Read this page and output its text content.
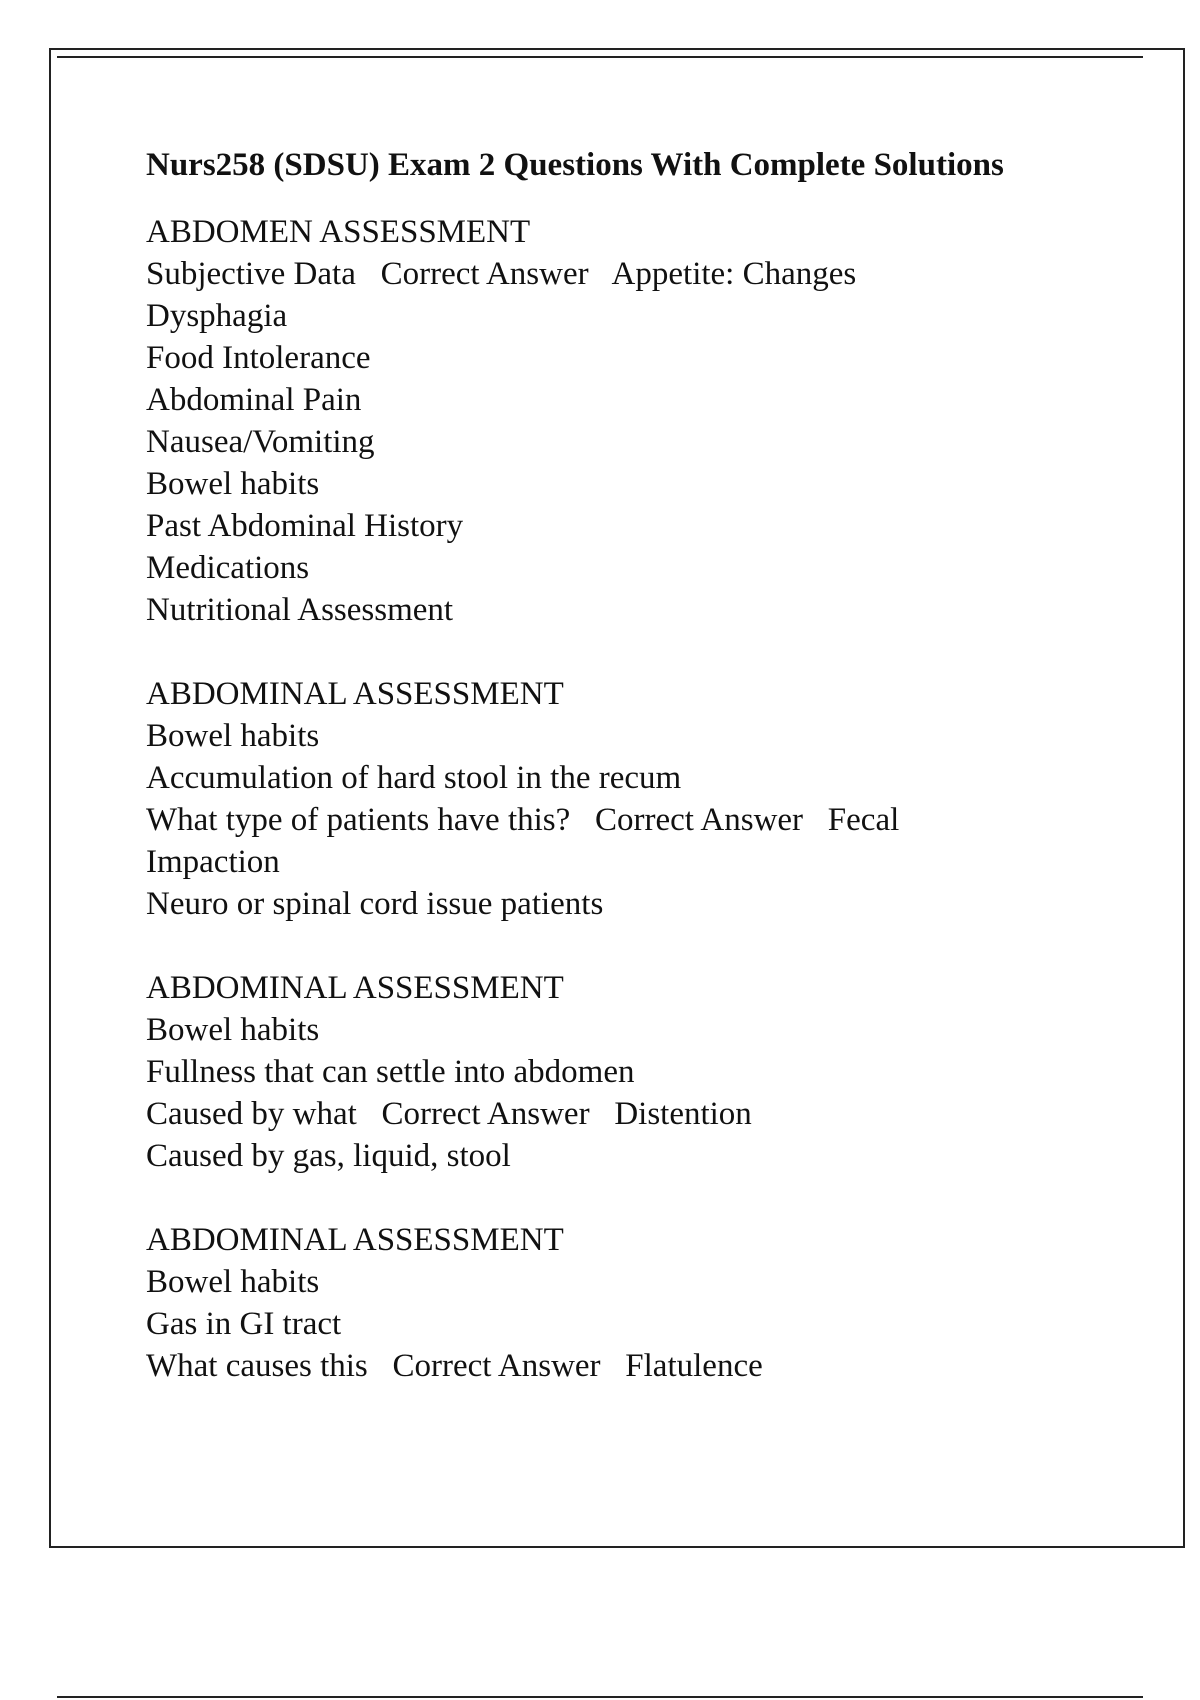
Nurs258 (SDSU) Exam 2 Questions With Complete Solutions
ABDOMEN ASSESSMENT
Subjective Data   Correct Answer   Appetite: Changes
Dysphagia
Food Intolerance
Abdominal Pain
Nausea/Vomiting
Bowel habits
Past Abdominal History
Medications
Nutritional Assessment
ABDOMINAL ASSESSMENT
Bowel habits
Accumulation of hard stool in the recum
What type of patients have this?   Correct Answer   Fecal Impaction
Neuro or spinal cord issue patients
ABDOMINAL ASSESSMENT
Bowel habits
Fullness that can settle into abdomen
Caused by what   Correct Answer   Distention
Caused by gas, liquid, stool
ABDOMINAL ASSESSMENT
Bowel habits
Gas in GI tract
What causes this   Correct Answer   Flatulence
